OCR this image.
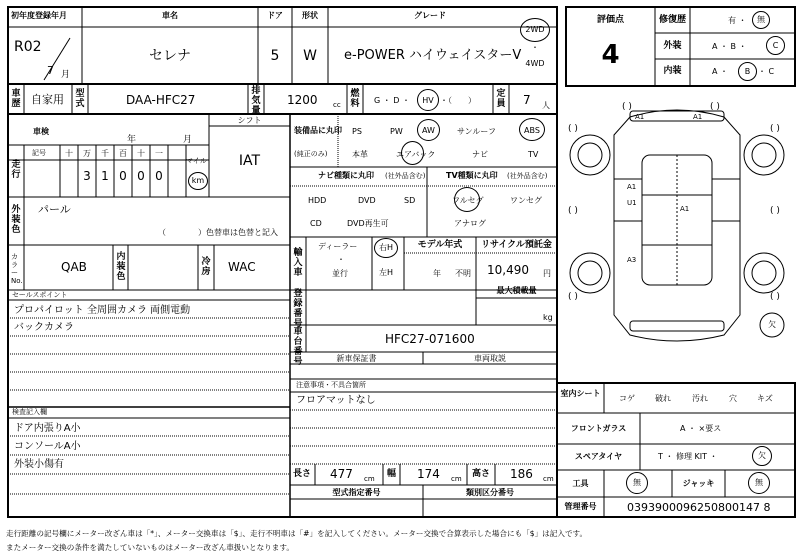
初年度登録年月	車名	ドア	形状	グレード
R02
7 月
セレナ	5	W	e-POWER ハイウェイスターV
2WD
・
4WD
評価点
4
修復歴	有 ・	無
外装	A ・ B ・	C
内装	A ・	B ・ C
車歴 自家用 型式	DAA-HFC27
排気量
1200 cc
燃料 G ・ D ・	HV ・（　　）
定員 7 人
車検
年	月
シフト
IAT
走行
記号	十	万	千	百	十	一
マイル
3 1 0 0 0	km
外装色
パール
（　　　　）色替車は色替と記入
カラーNo.
QAB
内装色
冷房 WAC
セールスポイント
プロパイロット 全周囲カメラ 両側電動
バックカメラ
検査記入欄
ドア内張りA小
コンソールA小
外装小傷有
装備品に丸印
(純正のみ)
PS	PW	AW	サンルーフ	ABS
本革	エアバック	ナビ	TV
ナビ種類に丸印 (社外品含む)
HDD	DVD	SD
CD	DVD再生可
TV種類に丸印 (社外品含む)
フルセグ	ワンセグ
アナログ
輸入車
ディーラー
・
並行
右H
左H
モデル年式
年 不明
リサイクル預託金
10,490 円
登録番号
最大積載量
kg
車台番号
HFC27-071600
新車保証書	車両取説
注意事項・不具合箇所
フロアマットなし
長さ 477 cm 幅 174 cm 高さ 186 cm
型式指定番号	類別区分番号
室内シート
コゲ	破れ	汚れ	穴	キズ
フロントガラス	A ・ ×要ス
スペアタイヤ	T ・ 修理 KIT ・	欠
工具	無	ジャッキ	無
管理番号	0393900096250800147 8
( )	( )
( )	( )
( )	( )
( )	( )
A1	A1
A1
U1
A1
A3
欠
走行距離の記号欄にメーター改ざん車は「*」、メーター交換車は「$」、走行不明車は「#」を記入してください。メーター交換で合算表示した場合にも「$」は記入です。
またメーター交換の条件を満たしていないものはメーター改ざん車扱いとなります。
